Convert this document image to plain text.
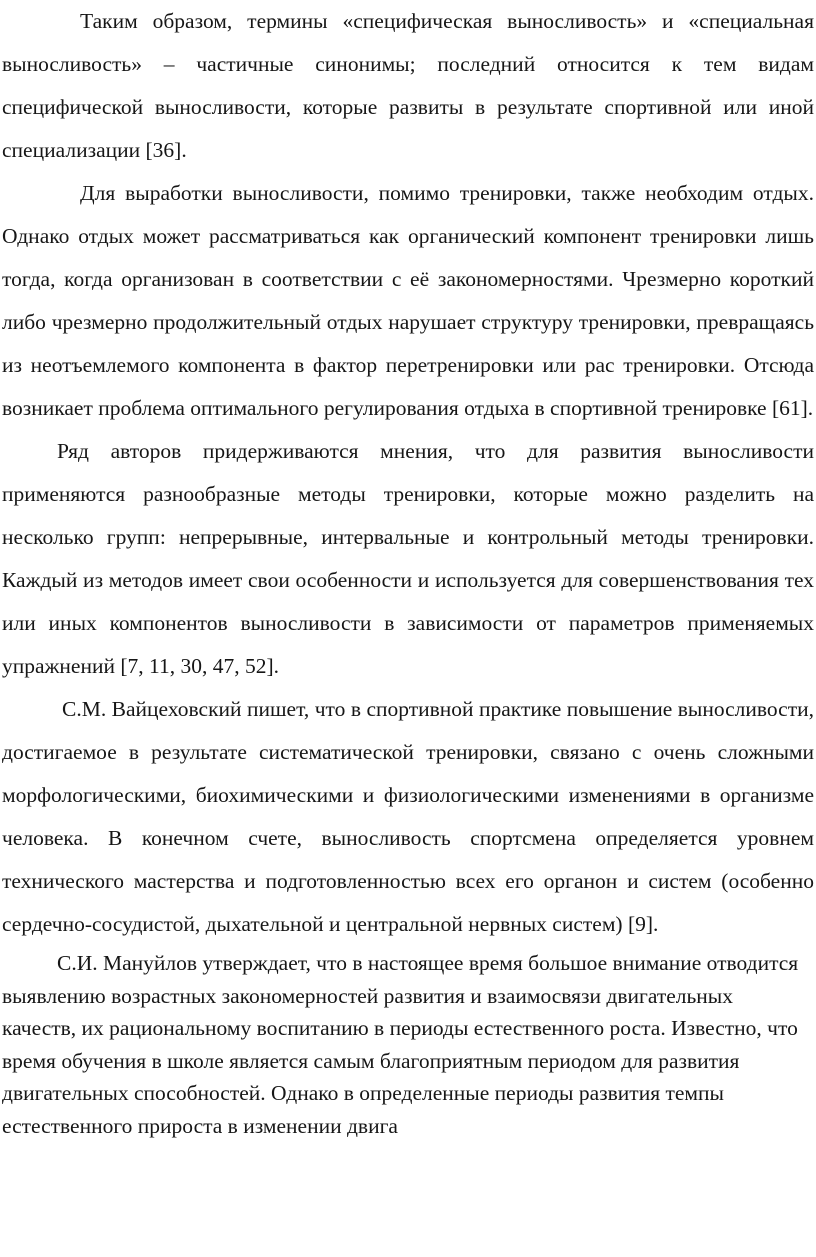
Таким образом, термины «специфическая выносливость» и «специальная выносливость» – частичные синонимы; последний относится к тем видам специфической выносливости, которые развиты в результате спортивной или иной специализации [36].

Для выработки выносливости, помимо тренировки, также необходим отдых. Однако отдых может рассматриваться как органический компонент тренировки лишь тогда, когда организован в соответствии с её закономерностями. Чрезмерно короткий либо чрезмерно продолжительный отдых нарушает структуру тренировки, превращаясь из неотъемлемого компонента в фактор перетренировки или рас тренировки. Отсюда возникает проблема оптимального регулирования отдыха в спортивной тренировке [61].

Ряд авторов придерживаются мнения, что для развития выносливости применяются разнообразные методы тренировки, которые можно разделить на несколько групп: непрерывные, интервальные и контрольный методы тренировки. Каждый из методов имеет свои особенности и используется для совершенствования тех или иных компонентов выносливости в зависимости от параметров применяемых упражнений [7, 11, 30, 47, 52].

С.М. Вайцеховский пишет, что в спортивной практике повышение выносливости, достигаемое в результате систематической тренировки, связано с очень сложными морфологическими, биохимическими и физиологическими изменениями в организме человека. В конечном счете, выносливость спортсмена определяется уровнем технического мастерства и подготовленностью всех его органон и систем (особенно сердечно-сосудистой, дыхательной и центральной нервных систем) [9].

С.И. Мануйлов утверждает, что в настоящее время большое внимание отводится выявлению возрастных закономерностей развития и взаимосвязи двигательных качеств, их рациональному воспитанию в периоды естественного роста. Известно, что время обучения в школе является самым благоприятным периодом для развития двигательных способностей. Однако в определенные периоды развития темпы естественного прироста в изменении двига
